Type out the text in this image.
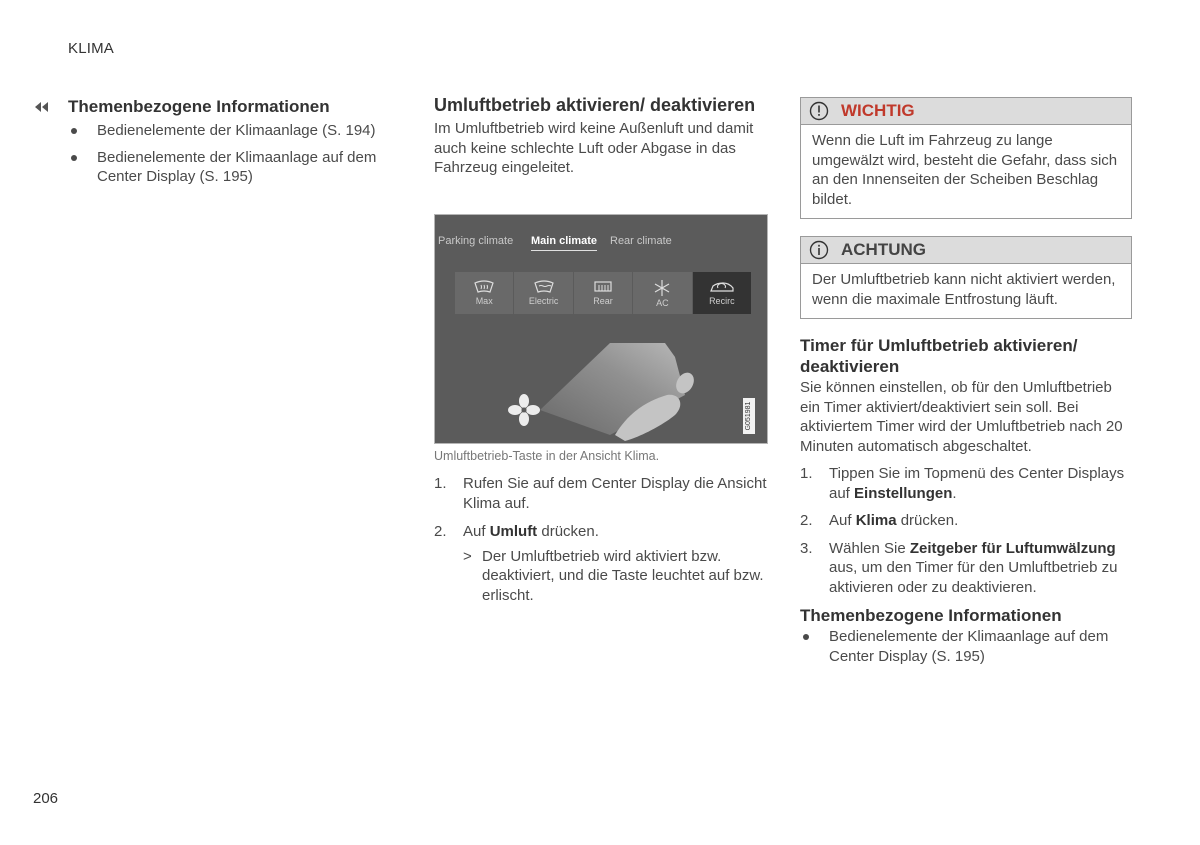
KLIMA
Themenbezogene Informationen
Bedienelemente der Klimaanlage (S. 194)
Bedienelemente der Klimaanlage auf dem Center Display (S. 195)
Umluftbetrieb aktivieren/ deaktivieren

Im Umluftbetrieb wird keine Außenluft und damit auch keine schlechte Luft oder Abgase in das Fahrzeug eingeleitet.

Parking climate Main climate Rear climate
Max	Electric	Rear	AC	Recirc
G051981
Umluftbetrieb-Taste in der Ansicht Klima.
1.	Rufen Sie auf dem Center Display die Ansicht Klima auf.
2.	Auf Umluft drücken.
> Der Umluftbetrieb wird aktiviert bzw. deaktiviert, und die Taste leuchtet auf bzw. erlischt.
WICHTIG
Wenn die Luft im Fahrzeug zu lange umgewälzt wird, besteht die Gefahr, dass sich an den Innenseiten der Scheiben Beschlag bildet.
ACHTUNG
Der Umluftbetrieb kann nicht aktiviert werden, wenn die maximale Entfrostung läuft.
Timer für Umluftbetrieb aktivieren/ deaktivieren

Sie können einstellen, ob für den Umluftbetrieb ein Timer aktiviert/deaktiviert sein soll. Bei aktiviertem Timer wird der Umluftbetrieb nach 20 Minuten automatisch abgeschaltet.

1.	Tippen Sie im Topmenü des Center Displays auf Einstellungen.
2.	Auf Klima drücken.
3.	Wählen Sie Zeitgeber für Luftumwälzung aus, um den Timer für den Umluftbetrieb zu aktivieren oder zu deaktivieren.
Themenbezogene Informationen
Bedienelemente der Klimaanlage auf dem Center Display (S. 195)
206
